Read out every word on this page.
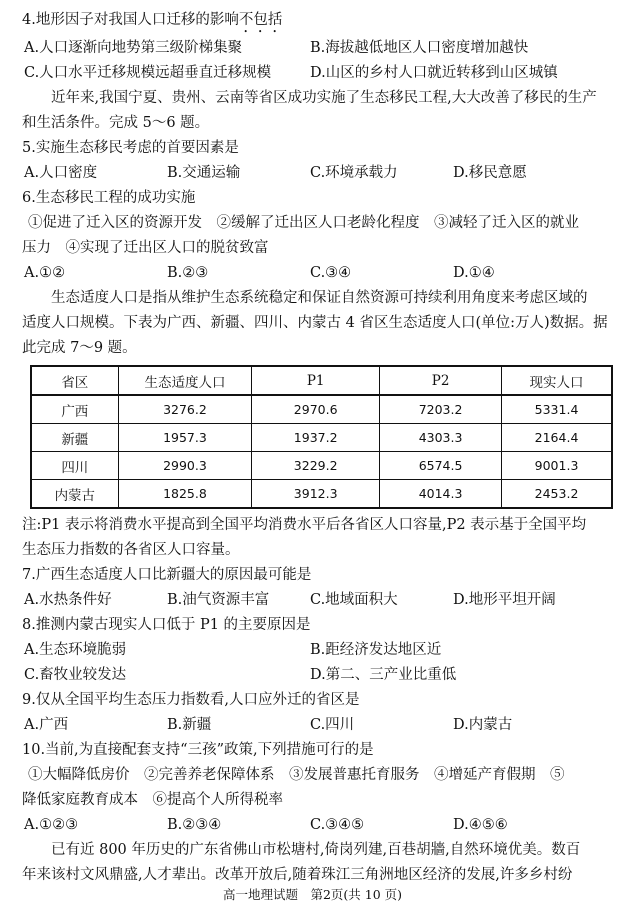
4.地形因子对我国人口迁移的影响不包括
A.人口逐渐向地势第三级阶梯集聚	B.海拔越低地区人口密度增加越快
C.人口水平迁移规模远超垂直迁移规模	D.山区的乡村人口就近转移到山区城镇
近年来,我国宁夏、贵州、云南等省区成功实施了生态移民工程,大大改善了移民的生产
和生活条件。完成 5～6 题。
5.实施生态移民考虑的首要因素是
A.人口密度	B.交通运输	C.环境承载力	D.移民意愿
6.生态移民工程的成功实施
①促进了迁入区的资源开发　②缓解了迁出区人口老龄化程度　③减轻了迁入区的就业
压力　④实现了迁出区人口的脱贫致富
A.①②	B.②③	C.③④	D.①④
生态适度人口是指从维护生态系统稳定和保证自然资源可持续利用角度来考虑区域的
适度人口规模。下表为广西、新疆、四川、内蒙古 4 省区生态适度人口(单位:万人)数据。据
此完成 7～9 题。
省区	生态适度人口	P1	P2	现实人口
广西	3276.2	2970.6	7203.2	5331.4
新疆	1957.3	1937.2	4303.3	2164.4
四川	2990.3	3229.2	6574.5	9001.3
内蒙古	1825.8	3912.3	4014.3	2453.2
注:P1 表示将消费水平提高到全国平均消费水平后各省区人口容量,P2 表示基于全国平均
生态压力指数的各省区人口容量。
7.广西生态适度人口比新疆大的原因最可能是
A.水热条件好	B.油气资源丰富	C.地域面积大	D.地形平坦开阔
8.推测内蒙古现实人口低于 P1 的主要原因是
A.生态环境脆弱	B.距经济发达地区近
C.畜牧业较发达	D.第二、三产业比重低
9.仅从全国平均生态压力指数看,人口应外迁的省区是
A.广西	B.新疆	C.四川	D.内蒙古
10.当前,为直接配套支持“三孩”政策,下列措施可行的是
①大幅降低房价　②完善养老保障体系　③发展普惠托育服务　④增延产育假期　⑤
降低家庭教育成本　⑥提高个人所得税率
A.①②③	B.②③④	C.③④⑤	D.④⑤⑥
已有近 800 年历史的广东省佛山市松塘村,倚岗列建,百巷胡牆,自然环境优美。数百
年来该村文风鼎盛,人才辈出。改革开放后,随着珠江三角洲地区经济的发展,许多乡村纷
高一地理试题　第2页(共 10 页)
